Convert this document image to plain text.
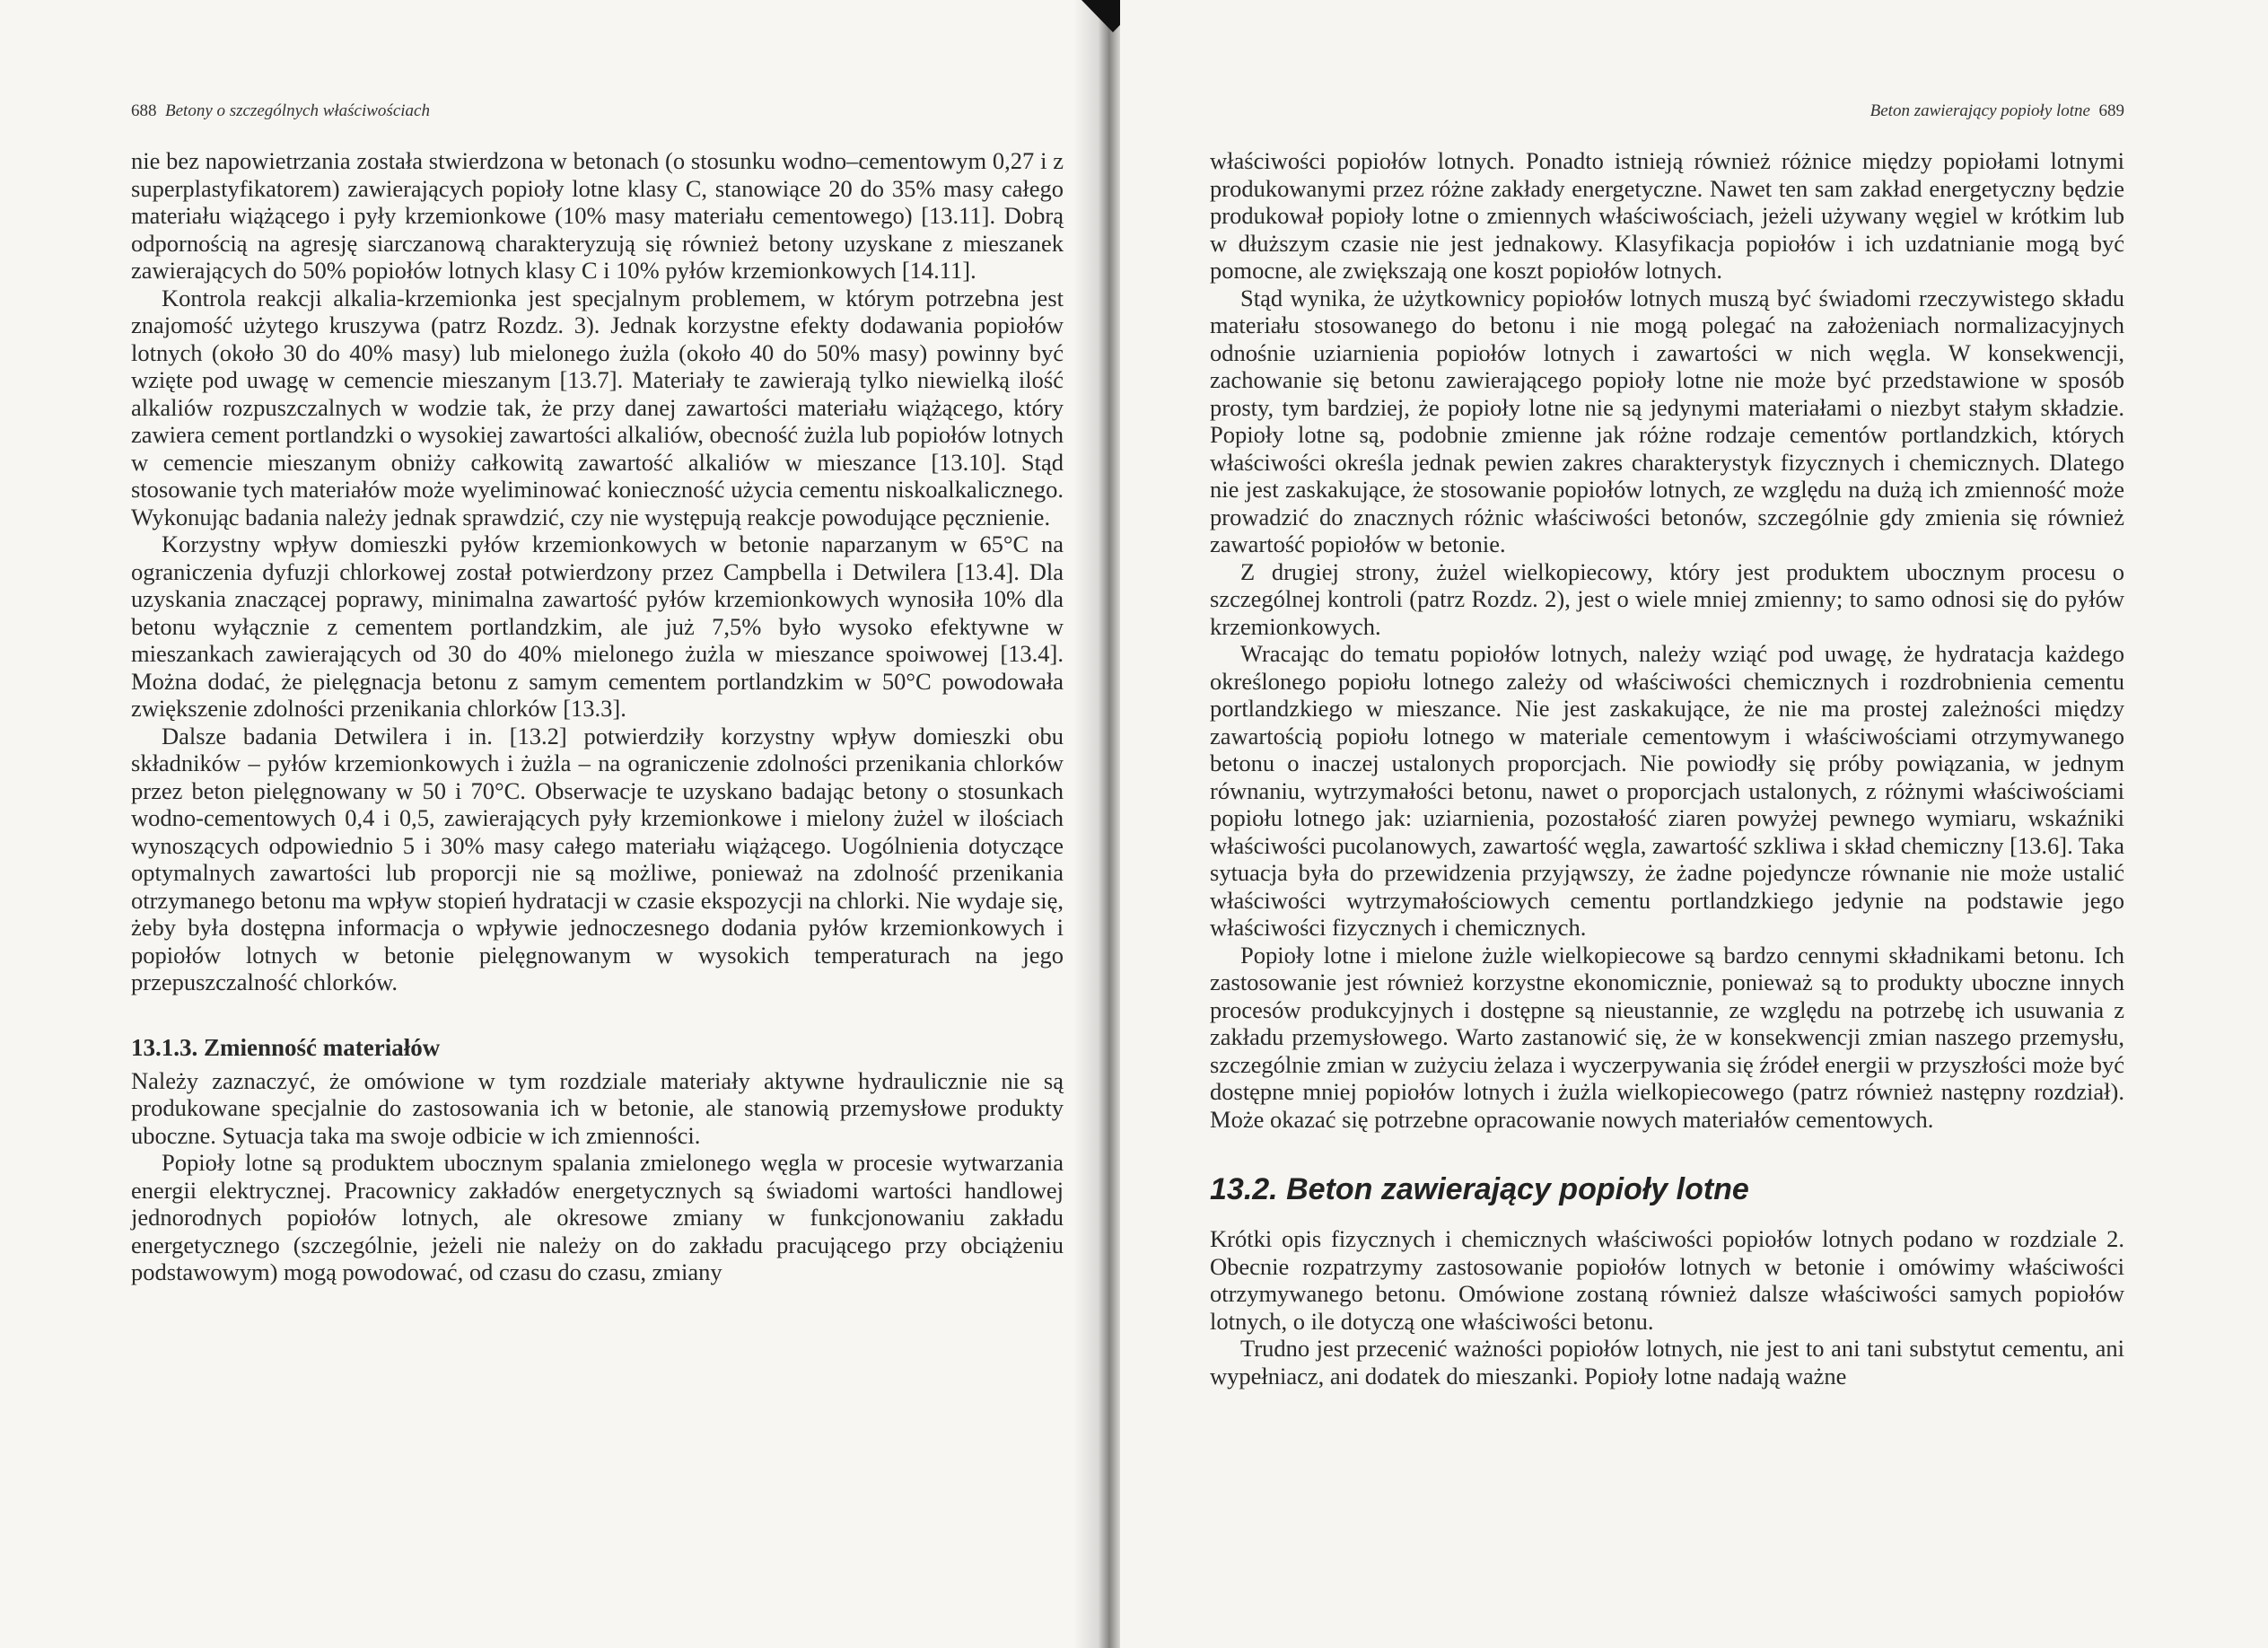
688 Betony o szczególnych właściwościach

nie bez napowietrzania została stwierdzona w betonach (o stosunku wodno–cementowym 0,27 i z superplastyfikatorem) zawierających popioły lotne klasy C, stanowiące 20 do 35% masy całego materiału wiążącego i pyły krzemionkowe (10% masy materiału cementowego) [13.11]. Dobrą odpornością na agresję siarczanową charakteryzują się również betony uzyskane z mieszanek zawierających do 50% popiołów lotnych klasy C i 10% pyłów krzemionkowych [14.11].

Kontrola reakcji alkalia-krzemionka jest specjalnym problemem, w którym potrzebna jest znajomość użytego kruszywa (patrz Rozdz. 3). Jednak korzystne efekty dodawania popiołów lotnych (około 30 do 40% masy) lub mielonego żużla (około 40 do 50% masy) powinny być wzięte pod uwagę w cemencie mieszanym [13.7]. Materiały te zawierają tylko niewielką ilość alkaliów rozpuszczalnych w wodzie tak, że przy danej zawartości materiału wiążącego, który zawiera cement portlandzki o wysokiej zawartości alkaliów, obecność żużla lub popiołów lotnych w cemencie mieszanym obniży całkowitą zawartość alkaliów w mieszance [13.10]. Stąd stosowanie tych materiałów może wyeliminować konieczność użycia cementu niskoalkalicznego. Wykonując badania należy jednak sprawdzić, czy nie występują reakcje powodujące pęcznienie.

Korzystny wpływ domieszki pyłów krzemionkowych w betonie naparzanym w 65°C na ograniczenia dyfuzji chlorkowej został potwierdzony przez Campbella i Detwilera [13.4]. Dla uzyskania znaczącej poprawy, minimalna zawartość pyłów krzemionkowych wynosiła 10% dla betonu wyłącznie z cementem portlandzkim, ale już 7,5% było wysoko efektywne w mieszankach zawierających od 30 do 40% mielonego żużla w mieszance spoiwowej [13.4]. Można dodać, że pielęgnacja betonu z samym cementem portlandzkim w 50°C powodowała zwiększenie zdolności przenikania chlorków [13.3].

Dalsze badania Detwilera i in. [13.2] potwierdziły korzystny wpływ domieszki obu składników – pyłów krzemionkowych i żużla – na ograniczenie zdolności przenikania chlorków przez beton pielęgnowany w 50 i 70°C. Obserwacje te uzyskano badając betony o stosunkach wodno-cementowych 0,4 i 0,5, zawierających pyły krzemionkowe i mielony żużel w ilościach wynoszących odpowiednio 5 i 30% masy całego materiału wiążącego. Uogólnienia dotyczące optymalnych zawartości lub proporcji nie są możliwe, ponieważ na zdolność przenikania otrzymanego betonu ma wpływ stopień hydratacji w czasie ekspozycji na chlorki. Nie wydaje się, żeby była dostępna informacja o wpływie jednoczesnego dodania pyłów krzemionkowych i popiołów lotnych w betonie pielęgnowanym w wysokich temperaturach na jego przepuszczalność chlorków.

13.1.3. Zmienność materiałów

Należy zaznaczyć, że omówione w tym rozdziale materiały aktywne hydraulicznie nie są produkowane specjalnie do zastosowania ich w betonie, ale stanowią przemysłowe produkty uboczne. Sytuacja taka ma swoje odbicie w ich zmienności.

Popioły lotne są produktem ubocznym spalania zmielonego węgla w procesie wytwarzania energii elektrycznej. Pracownicy zakładów energetycznych są świadomi wartości handlowej jednorodnych popiołów lotnych, ale okresowe zmiany w funkcjonowaniu zakładu energetycznego (szczególnie, jeżeli nie należy on do zakładu pracującego przy obciążeniu podstawowym) mogą powodować, od czasu do czasu, zmiany

Beton zawierający popioły lotne 689

właściwości popiołów lotnych. Ponadto istnieją również różnice między popiołami lotnymi produkowanymi przez różne zakłady energetyczne. Nawet ten sam zakład energetyczny będzie produkował popioły lotne o zmiennych właściwościach, jeżeli używany węgiel w krótkim lub w dłuższym czasie nie jest jednakowy. Klasyfikacja popiołów i ich uzdatnianie mogą być pomocne, ale zwiększają one koszt popiołów lotnych.

Stąd wynika, że użytkownicy popiołów lotnych muszą być świadomi rzeczywistego składu materiału stosowanego do betonu i nie mogą polegać na założeniach normalizacyjnych odnośnie uziarnienia popiołów lotnych i zawartości w nich węgla. W konsekwencji, zachowanie się betonu zawierającego popioły lotne nie może być przedstawione w sposób prosty, tym bardziej, że popioły lotne nie są jedynymi materiałami o niezbyt stałym składzie. Popioły lotne są, podobnie zmienne jak różne rodzaje cementów portlandzkich, których właściwości określa jednak pewien zakres charakterystyk fizycznych i chemicznych. Dlatego nie jest zaskakujące, że stosowanie popiołów lotnych, ze względu na dużą ich zmienność może prowadzić do znacznych różnic właściwości betonów, szczególnie gdy zmienia się również zawartość popiołów w betonie.

Z drugiej strony, żużel wielkopiecowy, który jest produktem ubocznym procesu o szczególnej kontroli (patrz Rozdz. 2), jest o wiele mniej zmienny; to samo odnosi się do pyłów krzemionkowych.

Wracając do tematu popiołów lotnych, należy wziąć pod uwagę, że hydratacja każdego określonego popiołu lotnego zależy od właściwości chemicznych i rozdrobnienia cementu portlandzkiego w mieszance. Nie jest zaskakujące, że nie ma prostej zależności między zawartością popiołu lotnego w materiale cementowym i właściwościami otrzymywanego betonu o inaczej ustalonych proporcjach. Nie powiodły się próby powiązania, w jednym równaniu, wytrzymałości betonu, nawet o proporcjach ustalonych, z różnymi właściwościami popiołu lotnego jak: uziarnienia, pozostałość ziaren powyżej pewnego wymiaru, wskaźniki właściwości pucolanowych, zawartość węgla, zawartość szkliwa i skład chemiczny [13.6]. Taka sytuacja była do przewidzenia przyjąwszy, że żadne pojedyncze równanie nie może ustalić właściwości wytrzymałościowych cementu portlandzkiego jedynie na podstawie jego właściwości fizycznych i chemicznych.

Popioły lotne i mielone żużle wielkopiecowe są bardzo cennymi składnikami betonu. Ich zastosowanie jest również korzystne ekonomicznie, ponieważ są to produkty uboczne innych procesów produkcyjnych i dostępne są nieustannie, ze względu na potrzebę ich usuwania z zakładu przemysłowego. Warto zastanowić się, że w konsekwencji zmian naszego przemysłu, szczególnie zmian w zużyciu żelaza i wyczerpywania się źródeł energii w przyszłości może być dostępne mniej popiołów lotnych i żużla wielkopiecowego (patrz również następny rozdział). Może okazać się potrzebne opracowanie nowych materiałów cementowych.

13.2. Beton zawierający popioły lotne

Krótki opis fizycznych i chemicznych właściwości popiołów lotnych podano w rozdziale 2. Obecnie rozpatrzymy zastosowanie popiołów lotnych w betonie i omówimy właściwości otrzymywanego betonu. Omówione zostaną również dalsze właściwości samych popiołów lotnych, o ile dotyczą one właściwości betonu.

Trudno jest przecenić ważności popiołów lotnych, nie jest to ani tani substytut cementu, ani wypełniacz, ani dodatek do mieszanki. Popioły lotne nadają ważne
